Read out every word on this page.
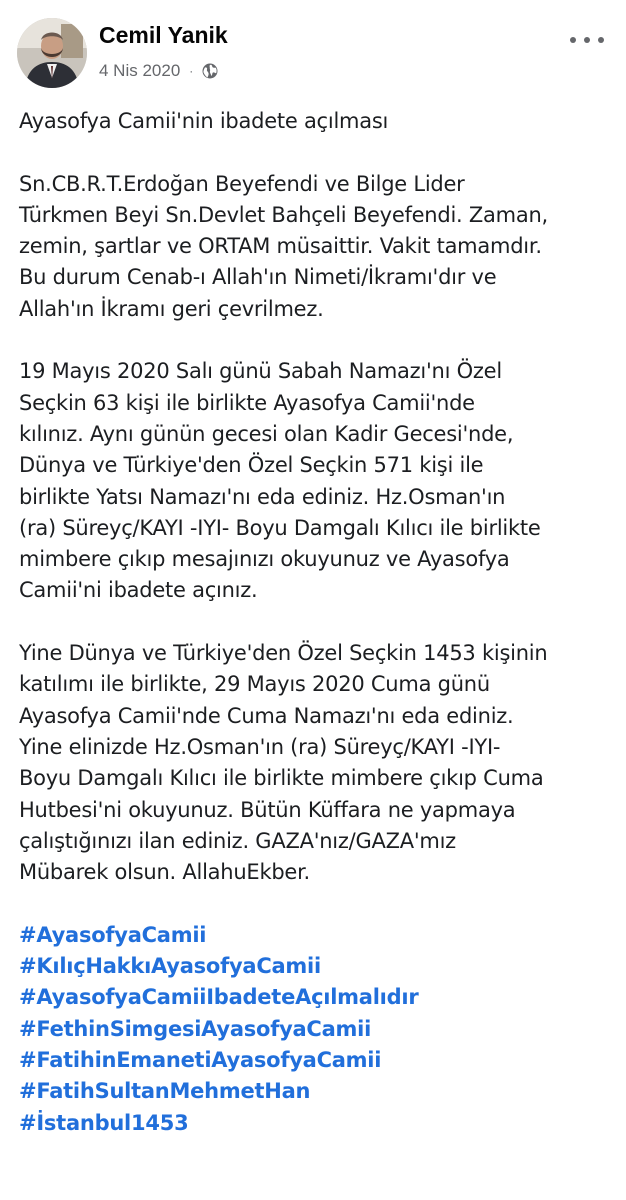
Cemil Yanik
4 Nis 2020 ·
Ayasofya Camii'nin ibadete açılması
Sn.CB.R.T.Erdoğan Beyefendi ve Bilge Lider
Türkmen Beyi Sn.Devlet Bahçeli Beyefendi. Zaman,
zemin, şartlar ve ORTAM müsaittir. Vakit tamamdır.
Bu durum Cenab-ı Allah'ın Nimeti/İkramı'dır ve
Allah'ın İkramı geri çevrilmez.
19 Mayıs 2020 Salı günü Sabah Namazı'nı Özel
Seçkin 63 kişi ile birlikte Ayasofya Camii'nde
kılınız. Aynı günün gecesi olan Kadir Gecesi'nde,
Dünya ve Türkiye'den Özel Seçkin 571 kişi ile
birlikte Yatsı Namazı'nı eda ediniz. Hz.Osman'ın
(ra) Süreyç/KAYI -IYI- Boyu Damgalı Kılıcı ile birlikte
mimbere çıkıp mesajınızı okuyunuz ve Ayasofya
Camii'ni ibadete açınız.
Yine Dünya ve Türkiye'den Özel Seçkin 1453 kişinin
katılımı ile birlikte, 29 Mayıs 2020 Cuma günü
Ayasofya Camii'nde Cuma Namazı'nı eda ediniz.
Yine elinizde Hz.Osman'ın (ra) Süreyç/KAYI -IYI-
Boyu Damgalı Kılıcı ile birlikte mimbere çıkıp Cuma
Hutbesi'ni okuyunuz. Bütün Küffara ne yapmaya
çalıştığınızı ilan ediniz. GAZA'nız/GAZA'mız
Mübarek olsun. AllahuEkber.
#AyasofyaCamii
#KılıçHakkıAyasofyaCamii
#AyasofyaCamiiIbadeteAçılmalıdır
#FethinSimgesiAyasofyaCamii
#FatihinEmanetiAyasofyaCamii
#FatihSultanMehmetHan
#İstanbul1453
